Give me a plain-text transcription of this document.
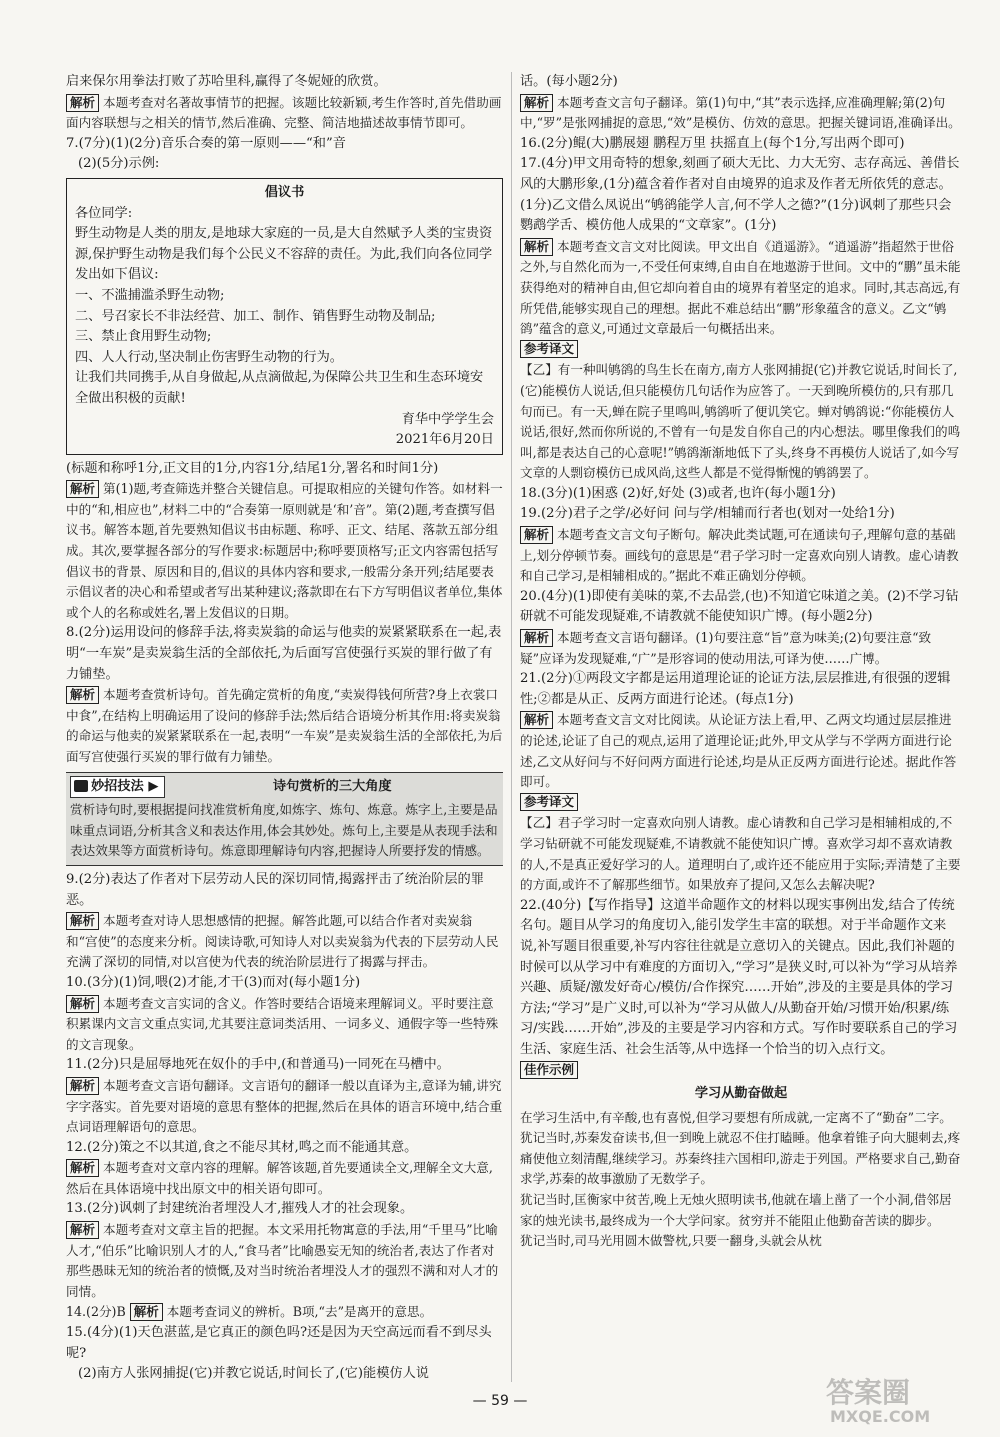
启来保尔用拳法打败了苏哈里科,赢得了冬妮娅的欣赏。

解析 本题考查对名著故事情节的把握。该题比较新颖,考生作答时,首先借助画面内容联想与之相关的情节,然后准确、完整、简洁地描述故事情节即可。

7.(7分)(1)(2分)音乐合奏的第一原则——“和”音

(2)(5分)示例:

倡议书

各位同学:

野生动物是人类的朋友,是地球大家庭的一员,是大自然赋予人类的宝贵资源,保护野生动物是我们每个公民义不容辞的责任。为此,我们向各位同学发出如下倡议:

一、不滥捕滥杀野生动物;

二、号召家长不非法经营、加工、制作、销售野生动物及制品;

三、禁止食用野生动物;

四、人人行动,坚决制止伤害野生动物的行为。

让我们共同携手,从自身做起,从点滴做起,为保障公共卫生和生态环境安全做出积极的贡献!

育华中学学生会

2021年6月20日

(标题和称呼1分,正文目的1分,内容1分,结尾1分,署名和时间1分)

解析 第(1)题,考查筛选并整合关键信息。可提取相应的关键句作答。如材料一中的“和,相应也”,材料二中的“合奏第一原则就是‘和’音”。第(2)题,考查撰写倡议书。解答本题,首先要熟知倡议书由标题、称呼、正文、结尾、落款五部分组成。其次,要掌握各部分的写作要求:标题居中;称呼要顶格写;正文内容需包括写倡议书的背景、原因和目的,倡议的具体内容和要求,一般需分条开列;结尾要表示倡议者的决心和希望或者写出某种建议;落款即在右下方写明倡议者单位,集体或个人的名称或姓名,署上发倡议的日期。

8.(2分)运用设问的修辞手法,将卖炭翁的命运与他卖的炭紧紧联系在一起,表明“一车炭”是卖炭翁生活的全部依托,为后面写宫使强行买炭的罪行做了有力铺垫。

解析 本题考查赏析诗句。首先确定赏析的角度,“卖炭得钱何所营?身上衣裳口中食”,在结构上明确运用了设问的修辞手法;然后结合语境分析其作用:将卖炭翁的命运与他卖的炭紧紧联系在一起,表明“一车炭”是卖炭翁生活的全部依托,为后面写宫使强行买炭的罪行做有力铺垫。

妙招技法 ▶	诗句赏析的三大角度

赏析诗句时,要根据提问找准赏析角度,如炼字、炼句、炼意。炼字上,主要是品味重点词语,分析其含义和表达作用,体会其妙处。炼句上,主要是从表现手法和表达效果等方面赏析诗句。炼意即理解诗句内容,把握诗人所要抒发的情感。

9.(2分)表达了作者对下层劳动人民的深切同情,揭露抨击了统治阶层的罪恶。

解析 本题考查对诗人思想感情的把握。解答此题,可以结合作者对卖炭翁和“宫使”的态度来分析。阅读诗歌,可知诗人对以卖炭翁为代表的下层劳动人民充满了深切的同情,对以宫使为代表的统治阶层进行了揭露与抨击。

10.(3分)(1)饲,喂(2)才能,才干(3)而对(每小题1分)

解析 本题考查文言实词的含义。作答时要结合语境来理解词义。平时要注意积累课内文言文重点实词,尤其要注意词类活用、一词多义、通假字等一些特殊的文言现象。

11.(2分)只是屈辱地死在奴仆的手中,(和普通马)一同死在马槽中。

解析 本题考查文言语句翻译。文言语句的翻译一般以直译为主,意译为辅,讲究字字落实。首先要对语境的意思有整体的把握,然后在具体的语言环境中,结合重点词语理解语句的意思。

12.(2分)策之不以其道,食之不能尽其材,鸣之而不能通其意。

解析 本题考查对文章内容的理解。解答该题,首先要通读全文,理解全文大意,然后在具体语境中找出原文中的相关语句即可。

13.(2分)讽刺了封建统治者埋没人才,摧残人才的社会现象。

解析 本题考查对文章主旨的把握。本文采用托物寓意的手法,用“千里马”比喻人才,“伯乐”比喻识别人才的人,“食马者”比喻愚妄无知的统治者,表达了作者对那些愚昧无知的统治者的愤慨,及对当时统治者埋没人才的强烈不满和对人才的同情。

14.(2分)B 解析 本题考查词义的辨析。B项,“去”是离开的意思。

15.(4分)(1)天色湛蓝,是它真正的颜色吗?还是因为天空高远而看不到尽头呢?

(2)南方人张网捕捉(它)并教它说话,时间长了,(它)能模仿人说

话。(每小题2分)

解析 本题考查文言句子翻译。第(1)句中,“其”表示选择,应准确理解;第(2)句中,“罗”是张网捕捉的意思,“效”是模仿、仿效的意思。把握关键词语,准确译出。

16.(2分)鲲(大)鹏展翅 鹏程万里 扶摇直上(每个1分,写出两个即可)

17.(4分)甲文用奇特的想象,刻画了硕大无比、力大无穷、志存高远、善借长风的大鹏形象,(1分)蕴含着作者对自由境界的追求及作者无所依凭的意志。(1分)乙文借么凤说出“鸲鹆能学人言,何不学人之德?”(1分)讽刺了那些只会鹦鹉学舌、模仿他人成果的“文章家”。(1分)

解析 本题考查文言文对比阅读。甲文出自《逍遥游》。“逍遥游”指超然于世俗之外,与自然化而为一,不受任何束缚,自由自在地遨游于世间。文中的“鹏”虽未能获得绝对的精神自由,但它却向着自由的境界有着坚定的追求。同时,其志高远,有所凭借,能够实现自己的理想。据此不难总结出“鹏”形象蕴含的意义。乙文“鸲鹆”蕴含的意义,可通过文章最后一句概括出来。

参考译文

【乙】有一种叫鸲鹆的鸟生长在南方,南方人张网捕捉(它)并教它说话,时间长了,(它)能模仿人说话,但只能模仿几句话作为应答了。一天到晚所模仿的,只有那几句而已。有一天,蝉在院子里鸣叫,鸲鹆听了便讥笑它。蝉对鸲鹆说:“你能模仿人说话,很好,然而你所说的,不曾有一句是发自你自己的内心想法。哪里像我们的鸣叫,都是表达自己的心意呢!”鸲鹆渐渐地低下了头,终身不再模仿人说话了,如今写文章的人剽窃模仿已成风尚,这些人都是不觉得惭愧的鸲鹆罢了。

18.(3分)(1)困惑 (2)好,好处 (3)或者,也许(每小题1分)

19.(2分)君子之学/必好问 问与学/相辅而行者也(划对一处给1分)

解析 本题考查文言文句子断句。解决此类试题,可在通读句子,理解句意的基础上,划分停顿节奏。画线句的意思是“君子学习时一定喜欢向别人请教。虚心请教和自己学习,是相辅相成的。”据此不难正确划分停顿。

20.(4分)(1)即使有美味的菜,不去品尝,(也)不知道它味道之美。(2)不学习钻研就不可能发现疑难,不请教就不能使知识广博。(每小题2分)

解析 本题考查文言语句翻译。(1)句要注意“旨”意为味美;(2)句要注意“致疑”应译为发现疑难,“广”是形容词的使动用法,可译为使……广博。

21.(2分)①两段文字都是运用道理论证的论证方法,层层推进,有很强的逻辑性;②都是从正、反两方面进行论述。(每点1分)

解析 本题考查文言文对比阅读。从论证方法上看,甲、乙两文均通过层层推进的论述,论证了自己的观点,运用了道理论证;此外,甲文从学与不学两方面进行论述,乙文从好问与不好问两方面进行论述,均是从正反两方面进行论述。据此作答即可。

参考译文

【乙】君子学习时一定喜欢向别人请教。虚心请教和自己学习是相辅相成的,不学习钻研就不可能发现疑难,不请教就不能使知识广博。喜欢学习却不喜欢请教的人,不是真正爱好学习的人。道理明白了,或许还不能应用于实际;弄清楚了主要的方面,或许不了解那些细节。如果放弃了提问,又怎么去解决呢?

22.(40分)【写作指导】这道半命题作文的材料以现实事例出发,结合了传统名句。题目从学习的角度切入,能引发学生丰富的联想。对于半命题作文来说,补写题目很重要,补写内容往往就是立意切入的关键点。因此,我们补题的时候可以从学习中有难度的方面切入,“学习”是狭义时,可以补为“学习从培养兴趣、质疑/激发好奇心/模仿/合作探究……开始”,涉及的主要是具体的学习方法;“学习”是广义时,可以补为“学习从做人/从勤奋开始/习惯开始/积累/练习/实践……开始”,涉及的主要是学习内容和方式。写作时要联系自己的学习生活、家庭生活、社会生活等,从中选择一个恰当的切入点行文。

佳作示例

学习从勤奋做起

在学习生活中,有辛酸,也有喜悦,但学习要想有所成就,一定离不了“勤奋”二字。

犹记当时,苏秦发奋读书,但一到晚上就忍不住打瞌睡。他拿着锥子向大腿刺去,疼痛使他立刻清醒,继续学习。苏秦终挂六国相印,游走于列国。严格要求自己,勤奋求学,苏秦的故事激励了无数学子。

犹记当时,匡衡家中贫苦,晚上无烛火照明读书,他就在墙上凿了一个小洞,借邻居家的烛光读书,最终成为一个大学问家。贫穷并不能阻止他勤奋苦读的脚步。

犹记当时,司马光用圆木做警枕,只要一翻身,头就会从枕

— 59 —	答案圈
MXQE.COM
